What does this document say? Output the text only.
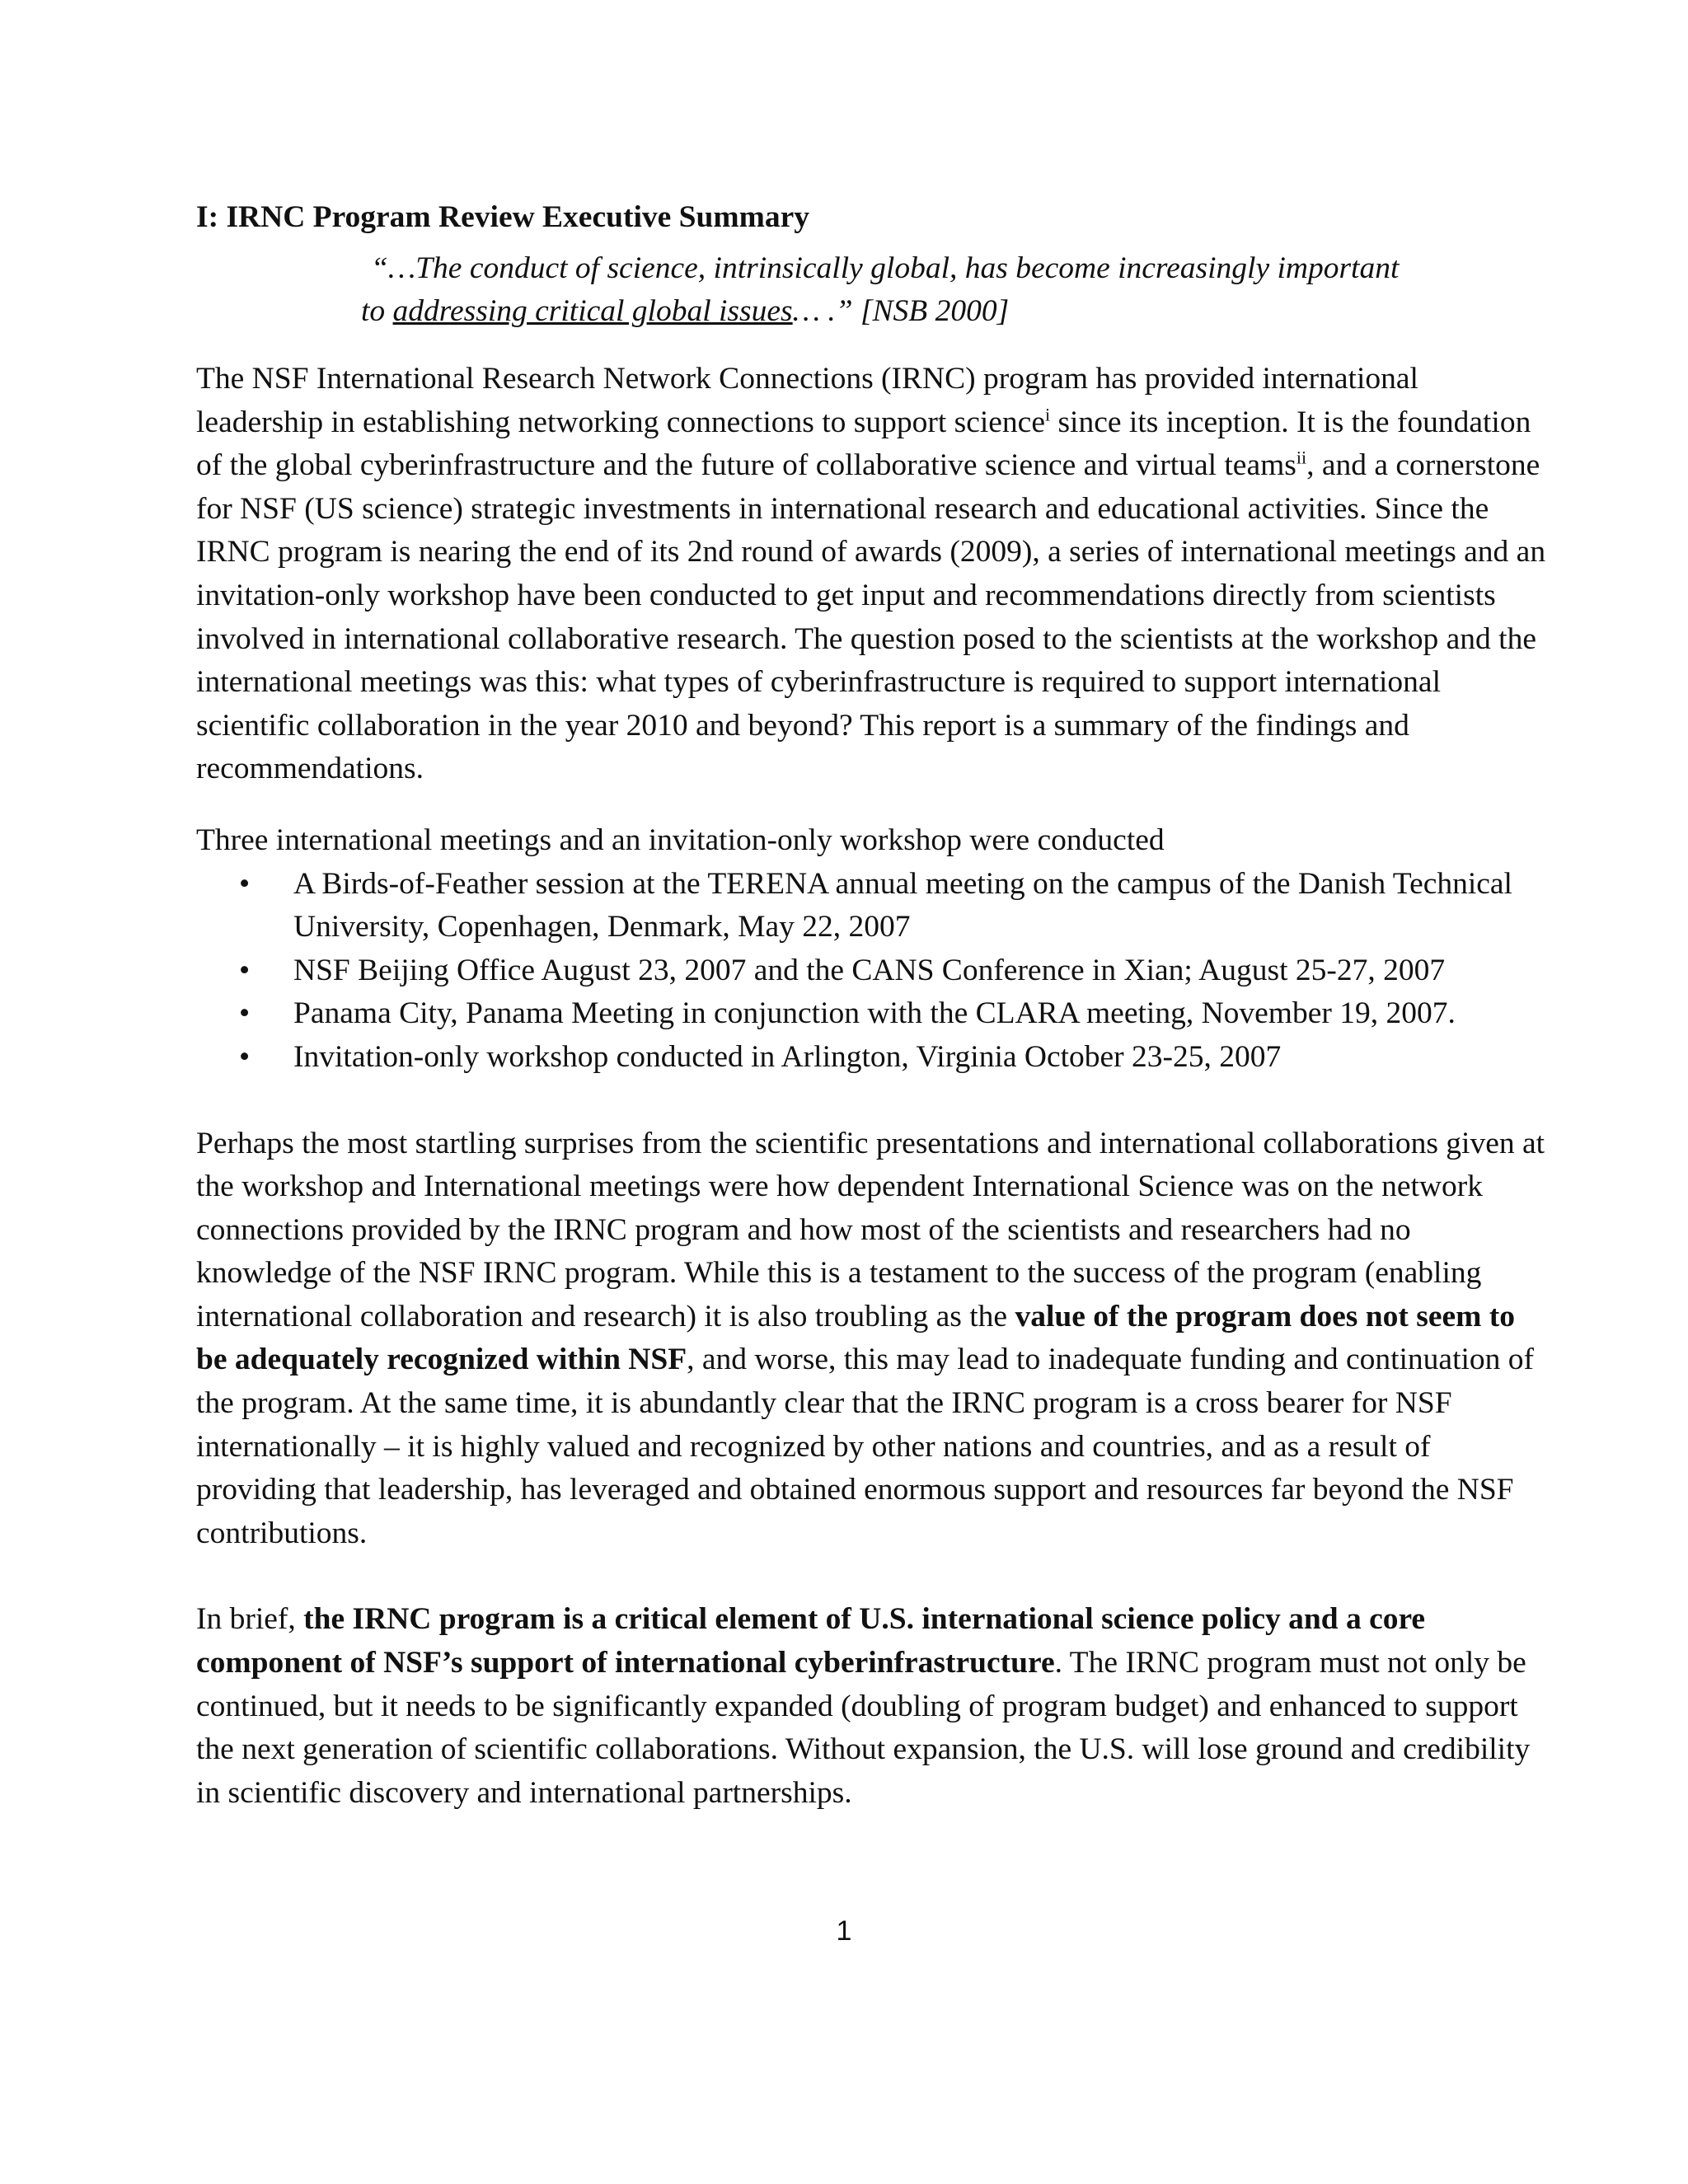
I: IRNC Program Review Executive Summary
“…The conduct of science, intrinsically global, has become increasingly important
to addressing critical global issues… .” [NSB 2000]

The NSF International Research Network Connections (IRNC) program has provided international leadership in establishing networking connections to support science$^i$ since its inception. It is the foundation of the global cyberinfrastructure and the future of collaborative science and virtual teams$^{ii}$, and a cornerstone for NSF (US science) strategic investments in international research and educational activities. Since the IRNC program is nearing the end of its 2nd round of awards (2009), a series of international meetings and an invitation-only workshop have been conducted to get input and recommendations directly from scientists involved in international collaborative research. The question posed to the scientists at the workshop and the international meetings was this: what types of cyberinfrastructure is required to support international scientific collaboration in the year 2010 and beyond? This report is a summary of the findings and recommendations.

Three international meetings and an invitation-only workshop were conducted

•	A Birds-of-Feather session at the TERENA annual meeting on the campus of the Danish Technical University, Copenhagen, Denmark, May 22, 2007
•	NSF Beijing Office August 23, 2007 and the CANS Conference in Xian; August 25-27, 2007
•	Panama City, Panama Meeting in conjunction with the CLARA meeting, November 19, 2007.
•	Invitation-only workshop conducted in Arlington, Virginia October 23-25, 2007

Perhaps the most startling surprises from the scientific presentations and international collaborations given at the workshop and International meetings were how dependent International Science was on the network connections provided by the IRNC program and how most of the scientists and researchers had no knowledge of the NSF IRNC program. While this is a testament to the success of the program (enabling international collaboration and research) it is also troubling as the value of the program does not seem to be adequately recognized within NSF, and worse, this may lead to inadequate funding and continuation of the program. At the same time, it is abundantly clear that the IRNC program is a cross bearer for NSF internationally – it is highly valued and recognized by other nations and countries, and as a result of providing that leadership, has leveraged and obtained enormous support and resources far beyond the NSF contributions.

In brief, the IRNC program is a critical element of U.S. international science policy and a core component of NSF’s support of international cyberinfrastructure. The IRNC program must not only be continued, but it needs to be significantly expanded (doubling of program budget) and enhanced to support the next generation of scientific collaborations. Without expansion, the U.S. will lose ground and credibility in scientific discovery and international partnerships.

1
